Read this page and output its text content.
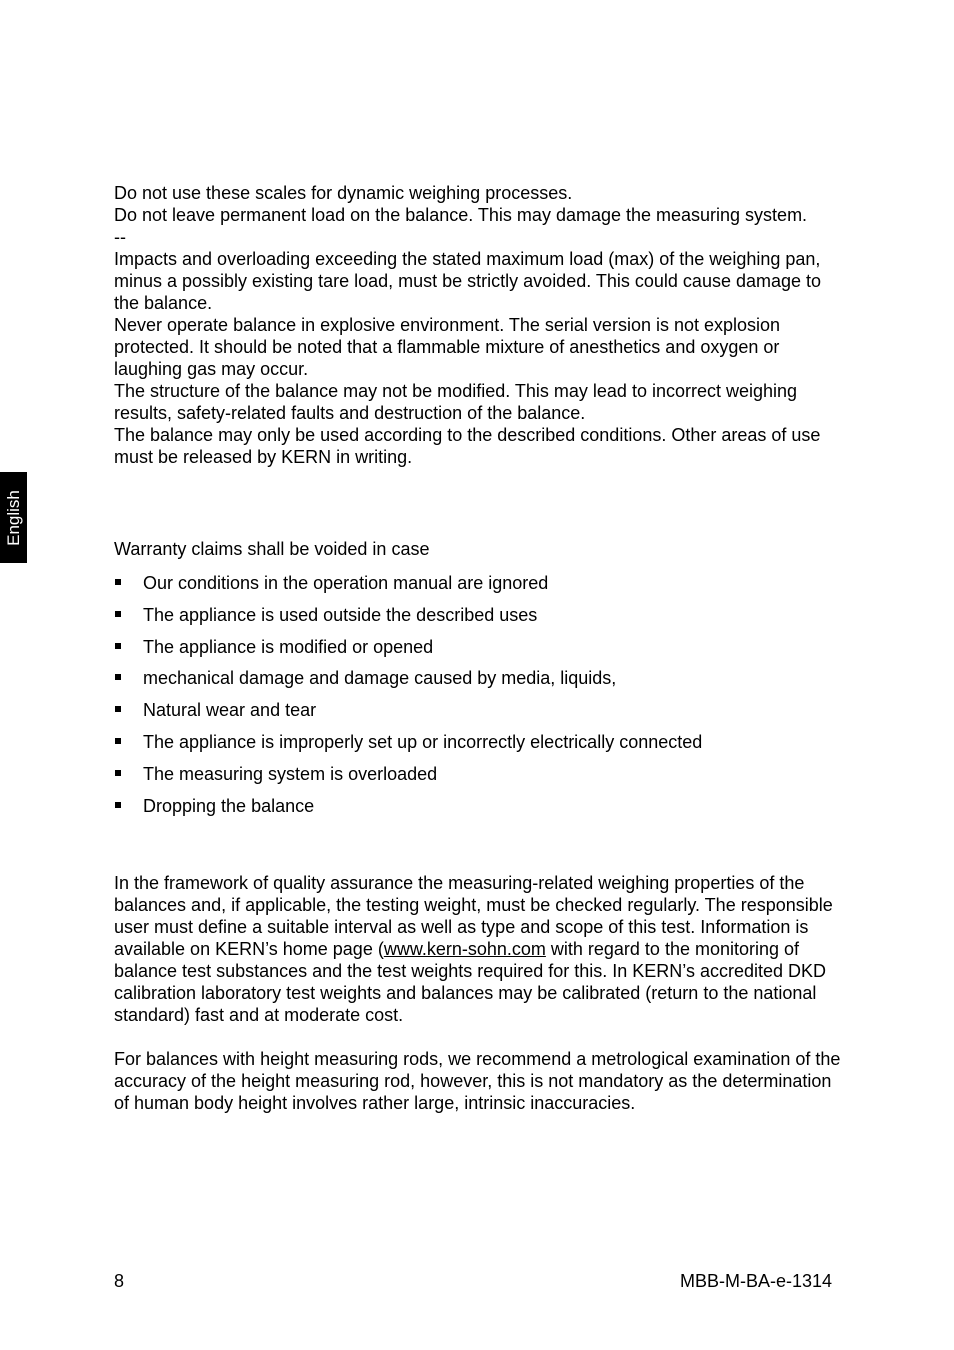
English

Do not use these scales for dynamic weighing processes.

Do not leave permanent load on the balance. This may damage the measuring system.

--

Impacts and overloading exceeding the stated maximum load (max) of the weighing pan, minus a possibly existing tare load, must be strictly avoided. This could cause damage to the balance.

Never operate balance in explosive environment. The serial version is not explosion protected. It should be noted that a flammable mixture of anesthetics and oxygen or laughing gas may occur.

The structure of the balance may not be modified. This may lead to incorrect weighing results, safety-related faults and destruction of the balance.

The balance may only be used according to the described conditions. Other areas of use must be released by KERN in writing.

Warranty claims shall be voided in case

Our conditions in the operation manual are ignored
The appliance is used outside the described uses
The appliance is modified or opened
mechanical damage and damage caused by media, liquids,
Natural wear and tear
The appliance is improperly set up or incorrectly electrically connected
The measuring system is overloaded
Dropping the balance

In the framework of quality assurance the measuring-related weighing properties of the balances and, if applicable, the testing weight, must be checked regularly. The responsible user must define a suitable interval as well as type and scope of this test. Information is available on KERN’s home page (www.kern-sohn.com with regard to the monitoring of balance test substances and the test weights required for this. In KERN’s accredited DKD calibration laboratory test weights and balances may be calibrated (return to the national standard) fast and at moderate cost.

For balances with height measuring rods, we recommend a metrological examination of the accuracy of the height measuring rod, however, this is not mandatory as the determination of human body height involves rather large, intrinsic inaccuracies.

8	MBB-M-BA-e-1314
